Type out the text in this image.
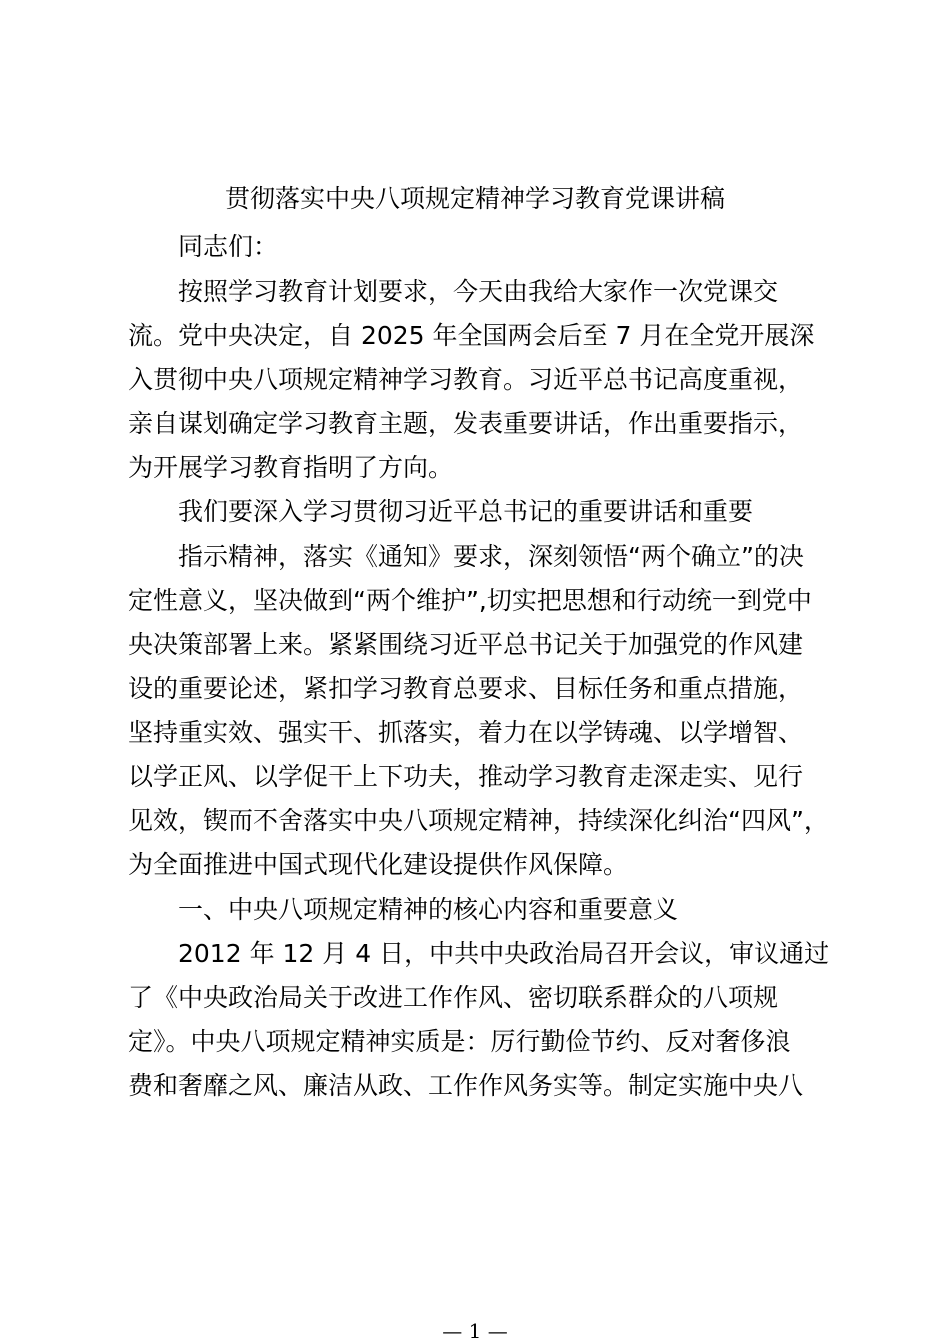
贯彻落实中央八项规定精神学习教育党课讲稿
同志们：
按照学习教育计划要求，今天由我给大家作一次党课交
流。党中央决定，自 2025 年全国两会后至 7 月在全党开展深
入贯彻中央八项规定精神学习教育。习近平总书记高度重视，
亲自谋划确定学习教育主题，发表重要讲话，作出重要指示，
为开展学习教育指明了方向。
我们要深入学习贯彻习近平总书记的重要讲话和重要
指示精神，落实《通知》要求，深刻领悟“两个确立”的决
定性意义，坚决做到“两个维护”,切实把思想和行动统一到党中
央决策部署上来。紧紧围绕习近平总书记关于加强党的作风建
设的重要论述，紧扣学习教育总要求、目标任务和重点措施，
坚持重实效、强实干、抓落实，着力在以学铸魂、以学增智、
以学正风、以学促干上下功夫，推动学习教育走深走实、见行
见效，锲而不舍落实中央八项规定精神，持续深化纠治“四风”，
为全面推进中国式现代化建设提供作风保障。
一、中央八项规定精神的核心内容和重要意义
2012 年 12 月 4 日，中共中央政治局召开会议，审议通过
了《中央政治局关于改进工作作风、密切联系群众的八项规
定》。中央八项规定精神实质是：厉行勤俭节约、反对奢侈浪
费和奢靡之风、廉洁从政、工作作风务实等。制定实施中央八
— 1 —
